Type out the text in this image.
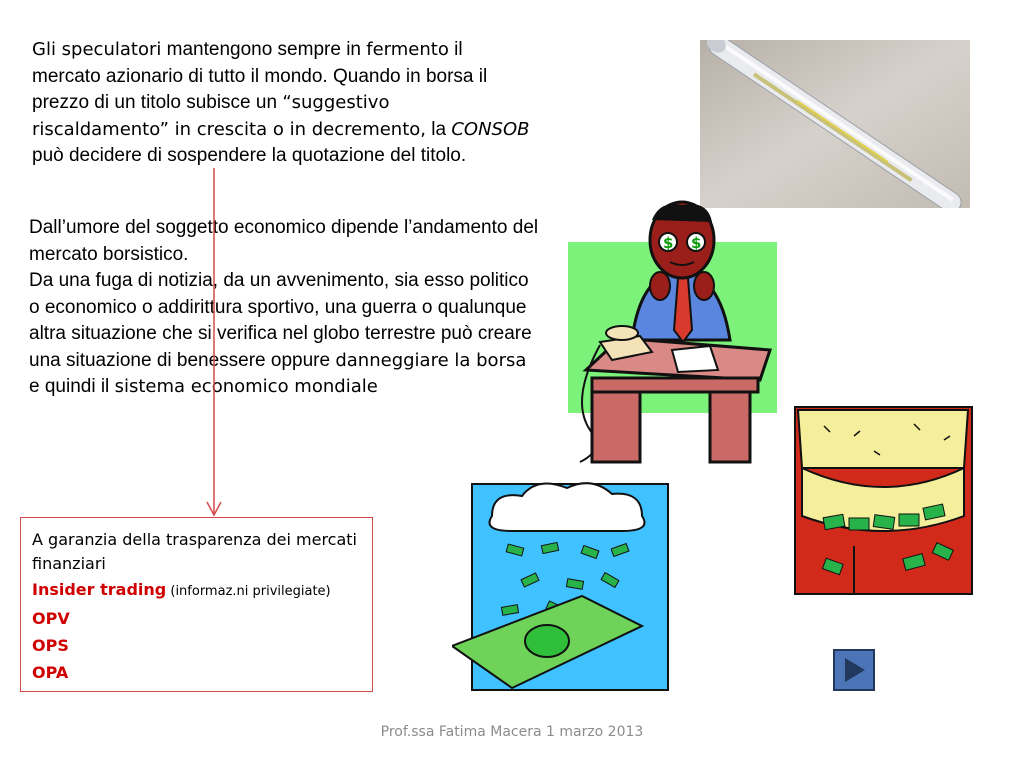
Gli speculatori mantengono sempre in fermento il mercato azionario di tutto il mondo. Quando in borsa il prezzo di un titolo subisce un “suggestivo riscaldamento” in crescita o in decremento, la CONSOB può decidere di sospendere la quotazione del titolo.
Dall’umore del soggetto economico dipende l’andamento del mercato borsistico.
Da una fuga di notizia, da un avvenimento, sia esso politico o economico o addirittura sportivo, una guerra o qualunque altra situazione che si verifica nel globo terrestre può creare una situazione di benessere oppure danneggiare la borsa e quindi il sistema economico mondiale
$ $
A garanzia della trasparenza dei mercati finanziari
Insider trading (informaz.ni privilegiate)
OPV
OPS
OPA
Prof.ssa Fatima Macera 1 marzo 2013
